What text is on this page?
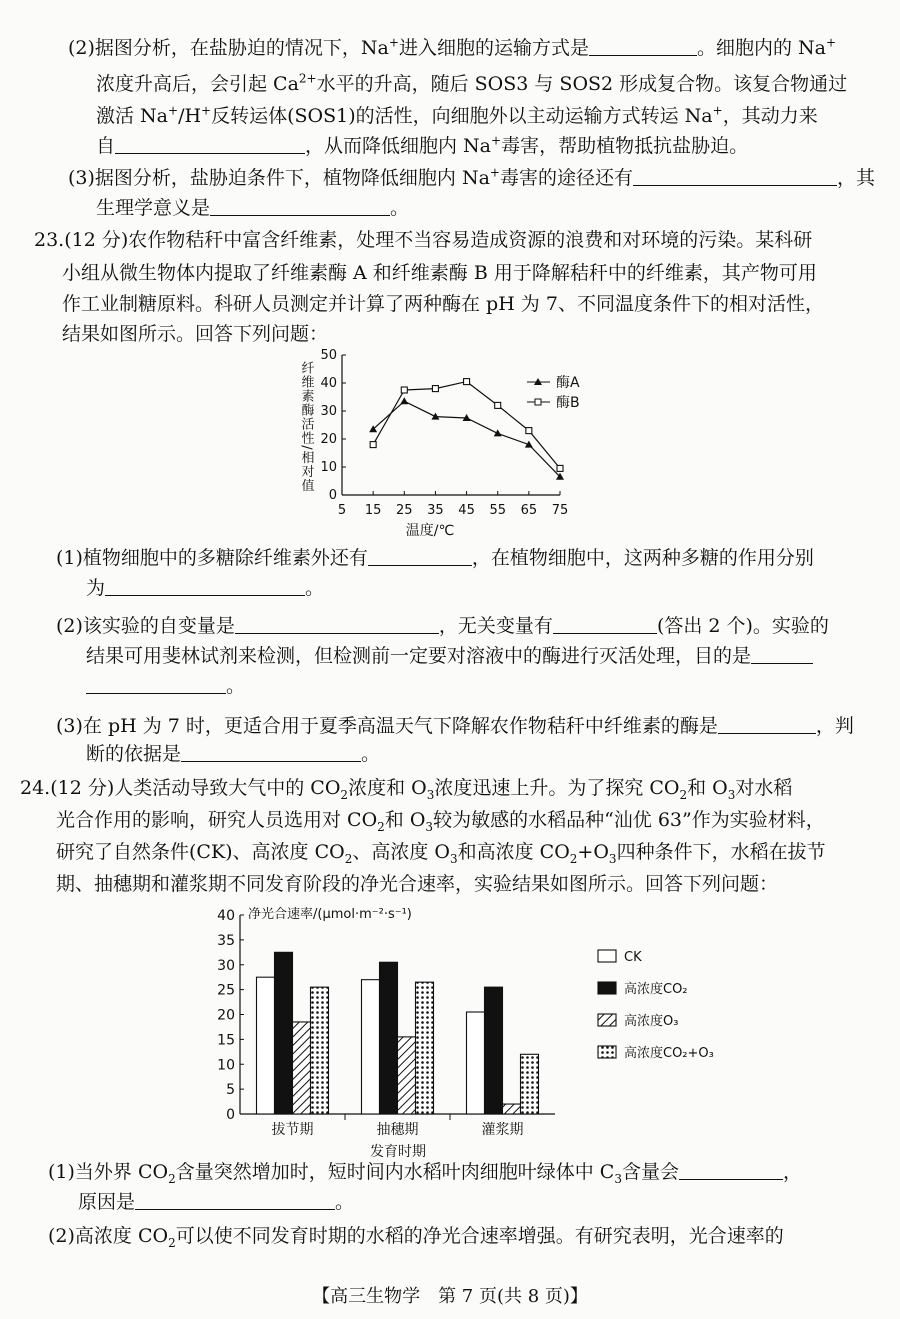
(2)据图分析，在盐胁迫的情况下，Na+进入细胞的运输方式是	。细胞内的 Na+
浓度升高后，会引起 $Ca^{2+}$水平的升高，随后 SOS3 与 SOS2 形成复合物。该复合物通过
激活 Na+/H+反转运体(SOS1)的活性，向细胞外以主动运输方式转运 Na+，其动力来
自	，从而降低细胞内 Na+毒害，帮助植物抵抗盐胁迫。
(3)据图分析，盐胁迫条件下，植物降低细胞内 Na+毒害的途径还有	，其
生理学意义是	。
23.(12 分)农作物秸秆中富含纤维素，处理不当容易造成资源的浪费和对环境的污染。某科研
小组从微生物体内提取了纤维素酶 A 和纤维素酶 B 用于降解秸秆中的纤维素，其产物可用
作工业制糖原料。科研人员测定并计算了两种酶在 pH 为 7、不同温度条件下的相对活性，
结果如图所示。回答下列问题：
0
10
20
30
40
50
5 15 25 35 45 55 65 75
酶A
酶B
纤维素酶活性/相对值
温度/℃
(1)植物细胞中的多糖除纤维素外还有	，在植物细胞中，这两种多糖的作用分别
为	。
(2)该实验的自变量是	，无关变量有	(答出 2 个)。实验的
结果可用斐林试剂来检测，但检测前一定要对溶液中的酶进行灭活处理，目的是
。
(3)在 pH 为 7 时，更适合用于夏季高温天气下降解农作物秸秆中纤维素的酶是	，判
断的依据是	。
24.(12 分)人类活动导致大气中的 $CO_2$浓度和 $O_3$浓度迅速上升。为了探究 $CO_2$和 $O_3$对水稻
光合作用的影响，研究人员选用对 $CO_2$和 $O_3$较为敏感的水稻品种“汕优 63”作为实验材料，
研究了自然条件(CK)、高浓度 $CO_2$、高浓度 $O_3$和高浓度 $CO_2+O_3$四种条件下，水稻在拔节
期、抽穗期和灌浆期不同发育阶段的净光合速率，实验结果如图所示。回答下列问题：
净光合速率/(μmol·m⁻²·s⁻¹)
0
5
10
15
20
25
30
35
40
拔节期	抽穗期	灌浆期
CK
高浓度CO₂
高浓度O₃
高浓度CO₂+O₃
发育时期
(1)当外界 $CO_2$含量突然增加时，短时间内水稻叶肉细胞叶绿体中 $C_3$含量会	，
原因是	。
(2)高浓度 $CO_2$可以使不同发育时期的水稻的净光合速率增强。有研究表明，光合速率的
【高三生物学　第 7 页(共 8 页)】
